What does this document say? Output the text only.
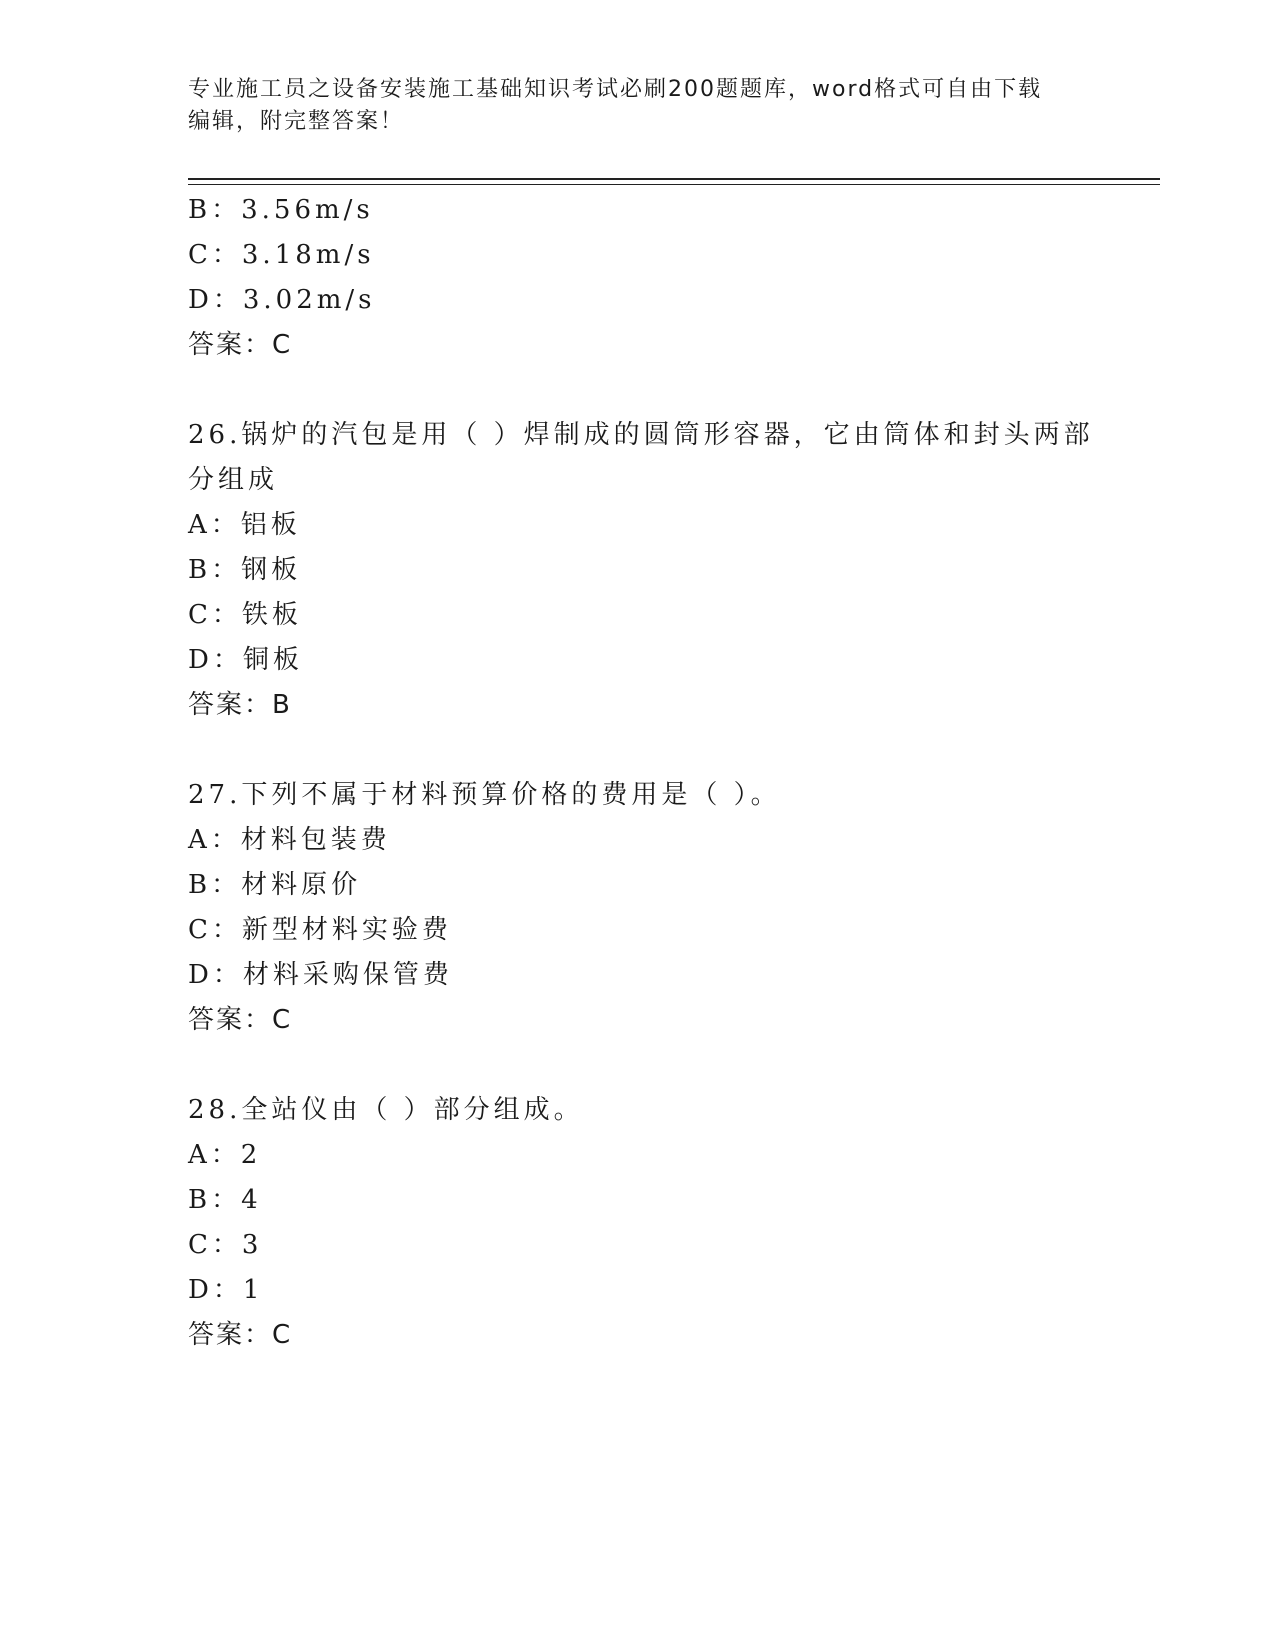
专业施工员之设备安装施工基础知识考试必刷200题题库，word格式可自由下载
编辑，附完整答案！
B：3.56m/s
C：3.18m/s
D：3.02m/s
答案：C
26.锅炉的汽包是用（ ）焊制成的圆筒形容器，它由筒体和封头两部
分组成
A：铝板
B：钢板
C：铁板
D：铜板
答案：B
27.下列不属于材料预算价格的费用是（ ）。
A：材料包装费
B：材料原价
C：新型材料实验费
D：材料采购保管费
答案：C
28.全站仪由（ ）部分组成。
A：2
B：4
C：3
D：1
答案：C
